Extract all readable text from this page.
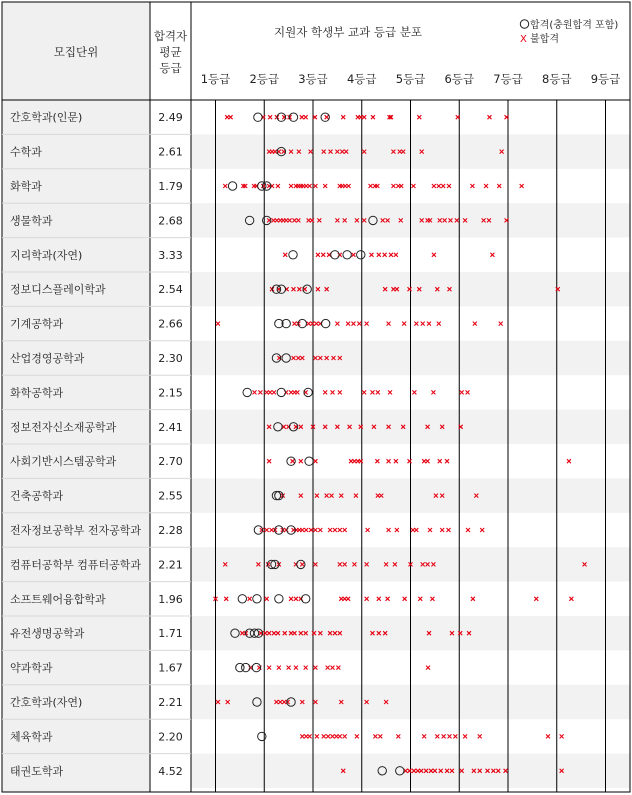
모집단위
합격자
평균
등급
지원자 학생부 교과 등급 분포	합격(충원합격 포함)
X 불합격
1등급 2등급 3등급 4등급 5등급 6등급 7등급 8등급 9등급
간호학과(인문)	2.49
수학과	2.61
화학과	1.79
생물학과	2.68
지리학과(자연)	3.33
정보디스플레이학과	2.54
기계공학과	2.66
산업경영공학과	2.30
화학공학과	2.15
정보전자신소재공학과	2.41
사회기반시스템공학과	2.70
건축공학과	2.55
전자정보공학부 전자공학과 2.28
컴퓨터공학부 컴퓨터공학과 2.21
소프트웨어융합학과	1.96
유전생명공학과	1.71
약과학과	1.67
간호학과(자연)	2.21
체육학과	2.20
태권도학과	4.52
